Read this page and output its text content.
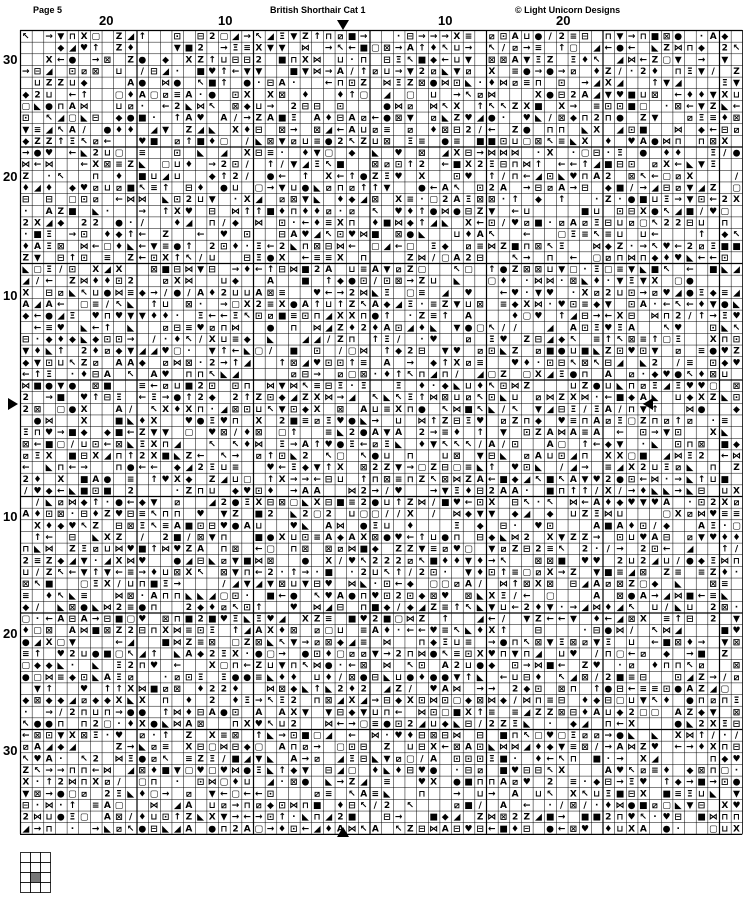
Page 5	British Shorthair Cat 1	© Light Unicorn Designs
20	10	10	20
30
20
10
10
20
30
↖ → ▼ ⊓ X ▢ Z ◢ ↑	⊡ ⊟ 2 ▢ ◢ → ↖ ◢ Ξ ▼ Z ↑ ⊓ ⧄ ■ →	· ⊟ → → → X ≡ ⧄ ⊡ Α ⊔ ● / 2 ≡ ⊟ ⊓ ▼ → ⊓ ■ ⊠ ● · Α ◆
◆ ◢ ♥ ↑ Z ♦	▼ ■ 2 → Ξ ≡ X ▼ ▼ ⋈ → ↖ ← ■ ▢ ⊠ → Α ↑ ♦ ↖ ⊔ → ↖ / ⧄ → ≡ ↑ ▢ ◢ ← ● ← ◣ Z ⋈ ⊓ ◆ 2 ↖
X ← ● → ⊠ Z ● ◆ X Z ↑ ⊔ ⊟ ⊟ 2 ■ ⊓ X ⋈ ⊔ · ⊓ ⊟ Ξ ↖ ■ ◆ ← ⊔ ▼ ⊠ ⊠ Α ▼ Ξ Z Ξ ♦ ↖ ◢ ⋈ ← Z ▢ ▼ → ▼
→ ⊟ ◢ ⊡ ⧄ ⊠ ⊔ / ⊟ ◢ · ■ ♥ ↑ ← ▼ ▼	■ ▼ ⋈ → Α / ↑ ⧄ ⊔ → ▼ 2 ⧄ ◣ ▼ ⧄ X ≡ ● → ● → ⧄ ♦ Z / · 2 ♦ ⊓ Ξ ▼ / Z
⊔ Z Z ⊔ ◆	Α ● ⋈ ● ↖ ■ ↑ ● · ⊟ Α ·	← ⊓ ⊡ Z ⋈ Ξ Z ⊠ ● ⋈ ⊡ ◣ · ♦ ⋈ ⧄ ≡ ⊓ ⊡ → ◢ X ◢	↑ ▼ ◢	Ξ ▼
◆ 2 ⊔ ← ↑	▢ ♦ Α ▢ ⧄ ≡ Α · ● ⊡ X X ⊠ ♦	♦ ↑ ▢ ◢ ▢ ⊔ → ↖ ⧄ ⋈	X ● ⊟ 2 Α ◢ ▼ ♥ ■ ⊔ ⊠ ← ♦ ♦ ▼ X ⊔
▢ ◣ ● ⊓ Α ⋈	⊔ ⧄ · ← 2 ◣ ⋈ ↖ ⊠ ◆ ⊔ → 2 ⊟ ⊟ ⊡	● ⋈ ⧄ ⋈ ↖ X ↑ ↖ ↖ Z X ■ X → ≡ ⊡ ⊡ ■ ▢ · ⊠ ← ▼ Z ◣ ←
⊡ ↖ ◢ ▢ ◣ ⊟ ◆ ● ■ · ↑ Α ♥ Α / → Z Α ■ Ξ Α ♦ ⊟ Α ⧄ ← ● ⊠ ▼ ⧄ ◣ Z ♥ ◢ ● · ♥ ◣ / ⊠ ◆ ⊓ 2 ⊓ ● Z ▼	⧄ Ξ ≡ ♦ ⊠
▼ ≡ ◢ ↖ Α / ● ♦ ♦ ◢ ▼ Z ◢ ◣ X ♦ ⊟ ⊠ → ⊠ ◢ ← Α ⊔ ⧄ ≡ ⧄ ♦ ⊠ ⊟ 2 / ← Z ● ⊓ ⊓ ◣ X ◢ ⊡ ■	⋈ ◆ ← ⊟ ⧄
◆ Z Z ↑ Ξ ↖ ⧄ ←	♥ ■ ⧄ ↑ ■ ♦ ▢ / ◣ ⊠ ▼ ⧄ ⊔ ≡ ● 2 ↖ Z ⊔ ⊠ Ξ ≡ ● ≡ ■ ■ ⊡ ⊔ ▢ ⊠ ↖ ≡ ◣ X ♦ ♥ Α ● ⋈ ⊓ ⊓ ⊠ X
→ ● ♥ ← ◣ 2 ⊔ ▢ ≡	⊡ ◣ ◢ X ⊟ ≡ · ♦ ▼ ▢ ◆ ◣ ♥ ⊠ ◢ X ⊟ → ⋈ ⋈ ⋈ · X · ▢ ⊟ · Ξ ● ♦ ♦	Ξ / ●
⋈ ← ⋈	← X ⊠ ≡ Z ◣ ▢ ⊔ ♦ → 2 ⊡ / ↑ / ▼ ◢ Ξ ↖ ■	⊠ ⧄ ⊡ ↑ 2 ← ■ X 2 Ξ ⊟ ⊓ ⋈ ↑ ← ← ↑ ◢ ■ ⊟ ⊡ ⧄ X ← ◣ ▼ Ξ
Z · ↖	⊓ ♦ ■ ⊔ ◢ ⊔	◆ ↑ 2 / ● ← ↑ X ← ↑ ● Z Ξ ♥ X	⊡ ♥ ↑ / ⊓ ← ◢ ⊡ ◣ ♥ ⊓ Α 2 ⊠ ↖ ← ▢ ⧄ X	/
♦ ◢ ♦ ◆ ♥ ⧄ ⊔ ⧄ ■ ↖ ≡ ↑ ⊟ ♦ ● ⊔ ▢ → ▼ ⊔ ● ◣ ⧄ ⊓ ⧄ ↑ ↑ ▼	● ← Α ↖ ⊡ 2 Α → ⊟ ⧄ Α → ⊟ ◆ ■ / → ◢ ⊟ ⧄ ▼ ◢ Z ▢
⊟ ⊟ ▢ ⊡ ⧄ ← ⋈ ⋈ ◣ ⊡ 2 ⊔ ▼ · X ◢ ⧄ ⊠ ▼ ◣ ♦ ◆ ◢ ⊠ X ≡ · ▢ 2 Α Ξ ⊠ ⊠ · ↑ ◆ ↑	· Z · ● ■ ⊔ Ξ → ▼ ⊡ ← 2 X
· Α Z ■ ◣ ·	→ ↑ X ♥ ⊟ ⋈ ↑ ↑ ■ ♦ ⊓ ♦ ♦ ⧄ · ⧄ ↖ ♥ ♦ ↑ ● ⋈ ● ⊟ Z ▼ ← ⊔	■ ⊔ ⊡ ⊟ X ● ↖ ◢ ■ / ♥ ▢
2 X ◢ ◆ 2 2 ● · /	♦ ◢ ⊓ / ◆ ⋈ ⊡ · ← ♦ ≡ X ⊓ ♦ ■ ⋈ ◆ ↑ ◢ ◣ X ← ⊡ / ♥ ⧄ ■ · ⧄ Α ⧄ Ξ ⊟ ⊔ ⧄ ▢ ↖ 2 2 ⊟ ⊔ ⊓
· ■ Ξ → ⊡ ♦ ◆ ↑ ← Z	← ♥ ⊡	⊟ Α ♥ ◢ ↖ ⊡ ♥ ⋈ ■ ⊠ ● ◣	⊔ ♦ Α ↖	←	▢ Ξ ≡ ↖ ≡ ⊔ ⊔ ←	↑ ◆ ↖
♦ Α Ξ ⊠ ⋈ ← ▢ ♦ ◣ ← ▼ ≡ ● ↑ 2 ⊡ ♦ · Ξ ← 2 ◣ ⊓ ⊠ ⊟ ⋈ ← ▢ ◢ ← ▢ Ξ ◆ ⧄ ≡ ⋈ Z ■ ⊓ ⊠ ↖ Ξ	⋈ ◆ Z · → ↖ ♥ ← 2 ⧄ Ξ ■ ■
Z ▼ ⊟ ↑ ⊡ ≡ Z ← ⊡ X ↑ ↖ / ⊔	⊟ Ξ ● X ← ≡ ≡ X ⊓	Z ⋈ / ▢ Α 2 ⊟	↖ → ⊓ ← ▢ ⧄ ⊓ ⋈ ⊓ ◆ ♦ ♥ ◣ ← ← ⊡
◣ ▢ Ξ / ⊡ X ◢ X	⊠ ■ ⊟ ⋈ ▼ ⊟ → ♦ ← ↑ ⊟ ⋈ ■ 2 Α ⊔ ≡ Α ▼ ⧄ Z ▢	↖ ▢ ↑ ● Z ⊠ ⊠ ⊔ ▼ ▢ · Ξ ▢ ≡ ▼ ◣ ■ ↖ ← ■ ◣ ◢
◢ / ← Z ⋈ ♦ ♦ ⊡ 2	⧄ X ⋈	⊔ ◆	Α	■ ↑ ◆ ● ⊡ / ⊡ ⊠ → Z ⊔ ◣	▢ ♦ · ⋈ ⋈ · ⊠ ◣ ♦ · ▼ Ξ ▼ X ▢ ●
X ⊟ ⧄ ◣ ↖ ⊔ ● ⋈ ≡ ◆ → / ● / Α ♦ 2 ⊔ ⊔ Α ⊠ ≡	♥ ← → 2 ⋈ ◣ Ξ ▢ ≡ ◢ ♥	← ♥ · ▼ ♥ · X ⧄ 2 ⊔ ⊡ → ⧄ ♥ ◢ ● Ξ ◆ ≡ ◢
Α ◢ Α ← ▢ ≡ / ↖ ◣ ↑ ⊔ ⊠ · → ▢ X 2 ≡ X ● Α ↑ ⊔ ↑ Z ↖ Α ◆ ◢ Ξ · ≡ Z ▼ ⊔ ⊠ ≡ ◆ X ⋈ · ♥ ⊡ ≡ ◆ ▼ ⊡ Α · ← ↖ ← ♦ ▼ ● ◣
◆ ← ● ◢ Ξ ♥ ⊓ ♥ ▼ ▼ ♦ ♦ · Ξ ← ← Ξ ↖ ⊡ ⧄ ■ ≡ ⊡ ⊓ ◢ X X ⊓ ● ↑ · Z ≡ ↑ Α	♦ ▢ ♥ ↑ ◢ ⊟ → ← X ⊟ ⋈ ⊓ 2 / ↑ → Ξ ♥
← ≡ ♥ ◣ ← ↑ ◣	⧄ ⊟ ≡ ♥ ⧄ ⊓ ⋈	● ⊓ ⋈ ◢ Z ♦ 2 ♦ Α ⊡ ◢ ♦ ◣ ▼ ● ▢ ↖ / /	◢ Α ⊡ Ξ ♥ Ξ Α	↖ ♥	⊡ ◣ ↖
⊟ · ◆ ♦ ◆ ◣ ◆ ⊡ ⊡ → / · ♦ ↖ / X ⊔ ≡ ◆ ◣	◢ ◢ / Z ⊓ ↑ Ξ / · ♥	⧄ Ξ ♥ Z ⊟ ◢ ◆ ↖ ≡ ↑ ↖ ⊠ ≡ ↑ ▢ Ξ	X ⊓ ⊡
▼ ♦ ◣ ↑ 2 ♦ ⧄ ◆ ▼ ◢ ◢ ♥ ▢ · ▼ ↑ ← ◣ ▢ / ■ ⊡ / ▢ ⋈ ↑ ◆ 2 ⊟ ▼ ♥ ⧄ ⊡ ◣ Z ⧄ ■ ● ⊔ ■ ◣ Z ⊡ ♥ ⊡ ▼ ⧄ ≡ ● ♥ Z
◆ ▼ ⊡ ⊔ ↖ Z ⧄ Α Α ◆ ⧄ ⋈ ⊠ · 2 → ↑ ◢	↑ ⊠ ◢ ♥ ⊡ ⊡ ↑ ≡ Α → ◆ ↑ X ⧄ ≡	♥ ♦ · ⊡ ⊟ ↖ ⊠ ↖ ⊟ ◢ ◣ 2 / ≡ ⊡ ◆ ♥
← ↑ Ξ · ♦ ⊟ Α ↖ Α ♥ ⊓ ⊓ ↖ ◣ ◢	⧄ ⊟ → ⧄ ▢ ⊠ · ♦ ↑ ↖ ⊓ ◢ ⊓ / ◢ ▢ Z ▢ X ◢ Ξ ● ⊓ Α ⧄ · ◆ ♥ ● ↖ ♦ ⊠ ⊔
⋈ ■ ● ▼ ● ⊠ ■	≡ ← ⧄ ⊔ ■ 2 ⊡ ⊡ ⊓ ⋈ ▼ ⋈ ↖ ≡ ⊟ Ξ · Ξ	Ξ ♦ · ◆ ◣ ⊔ ♦ ↖ ⊡ ⋈ Z	⊔ Z ● ⊔ ◣ ⊓ ⧄ Ξ ◢ Ξ ♥ ♥ ▢ ⊠
2 → ■ ♥ ↑ ⊟ Ξ ← Ξ → ● ↑ 2 ◆ 2 ↑ Z ⊡ ◆ ◢ Z X ⋈ → ◢ ↖ ◣ ↖ Ξ ↑ ⋈ ⊠ ⊔ ⧄ ↖ ⊡ ◣ ⊔ ⧄ ⋈ Z X ⋈ · ← ■ ◆ Α ◣ ⊔ ◆ X Z ◣ ⊡
2 ⊠ ▢ ● X	Α / ↖ X ♦ X ⊓ · ◢ ⊠ ⊡ ⊔ ↖ ▼ ⊡ ◆ X ⊠ Α ⊔ ≡ X ⊓ ● ↖ ⋈ ■ ↖ ◣ / ↖ ▼ ◢ ⊟ Ξ / Ξ Α / ⊓ ▼ ↑	⋈ ●	◆
● ⋈	X	■ ◣ ♦ X	♥ ● Ξ ♥ ⊓ X 2 ■ ≡ ⧄ Ξ ♥ ● ◣ → ⊔ ⋈ ↑ Z ⊟ Ξ ♥ ⧄ Z ⊓ ◆ ♥ ≡ ⊓ Α ⧄ Ξ ▢ Z ⊓ ⧄ ↑ ⧄ · ≡
Ξ ⊓ ♥ → ■ ◆ ◆ ■ ← Z ▼ ▼ ▢ ♥ ⊠ / ♦ ⊠ ▢ ↑	≡ ◣ 2 ● Α ▼ Α 2 → ≡ ♦ ↑ ▼ ⊡ Z Α ⋈ Α ≡ Α ← ⊡ → ▼ ⊡	X ◣
⊠ ← ■ ▢ / ⊔ ⊡ ← ⊠ ◣ Ξ X ⊓ ◢	↖ ↖ ♦ ⋈ Ξ → Α ↑ ♥ ● Ξ ← ⧄ Ξ ◣ ♦ ▼ ↖ ↖ ↖ / Α / ⊡	Α ▢ ↑ ← ◆ ▼ · ◣ ⊡ ⊓ ⊠ ■ ◆
⧄ Ξ X ■ ⊟ X ◢ ⊓ ↑ 2 X ■ ◣ Z ← ↖ → ⧄ ↑ ⊡ ◣ 2 ↖ ▢ ↖ ● ⊔ ⊓	⊔ ⊠ ▼ ⊟ ◣ ⧄ Α ⊔ ⊡ ◢ ⊓ X X ▢ ■ ◢ ⋈ Ξ 2 ← ⋈
← ◣ ⊓ ← →	⊓ ● ← ← ◆ ◢ 2 Ξ ⊔ ≡	♥ ← Ξ ◆ ▼ ↑ X ⊠ 2 Z ▼ → ▢ Z ⊟ ▢ ≡ ◣ ↑ ♥ ⊡ ◣ / ◢ → ≡ ◢ X 2 ⊔ Ξ ⧄ ◣ ⊓ Z
2 ♦ X ■ Α ● ≡ ↑ ♥ X ◆ Z ◢ ⊔ ▢ ↑ X → → ← ⊟ ⊔ ↑ ⊓ ⊠ ≡ ⊓ Z ↖ ⊠ ⋈ Z Α ← ■ ◆ ◢ ↖ ■ ↖ Α ▼ ♥ 2 ● ⊡ ← ⋈ · → ◣ ↑ ⊔ ■
/ ♥ ◆ ← ◣ ■ ⊡ ■ 2	· Z ⊓ ⊔ ◆ ♥ ⊡ ♦ → Α Α	⋈ 2 → / ♥	→ ▼ Ξ ♦ ⊟ 2 Α Α · ■ ⊓ ↑ ↑ / X / → ♦ ◣ ◣ → ◣ ⊟ ⊔ X
/ ◣ ⧄ ⋈ ◆ ↑ · ● ← ◆ ▼ ⧄	◢ 2 ● Ξ X ⊟ ⊠ ▢ ◣ X ⊟ ■ ≡ 2 ● ⊔ ↑ Z ⋈ / ■ ♥ ← ⊡ X ⊟ ↖ · ↖ ⋈ ← Α ♦ ◆ ♥ ▼ ♥ Α · ⊡ 2 X ⧄
Α ♦ ⊡ ⊠ · ⊟ ♦ Z ♥ ⊟ ≡ ↖ ⊓ ⊓ ♥ ▼ Z ■ 2 ◣ 2 ▢ 2 ⊔ ▢ ▢ / / X / ⋈ ◆ ▼ ▼ ◆ ◢ ◆ ⊔ Z Ξ ⋈ ⊔	▢ X ⧄ ⋈ ♥ ≡ ≡
X ♦ ◆ ♥ ↖ Z ⊟ ⊠ Ξ ↖ ≡ Α ■ ⊡ ⊟ ♥ ● Α ⊔	♥ ◣ Α ⋈ ● Ξ ⊔ ♦	Ξ ◆ ⊟ · ♥ ⊡	Α ■ Α ♦ ⊡ / ◆	Α Ξ · ▢
↑ ← ⊟ ◣ X Z / 2 ■ / ⊠ ▼ ⊓	■ ● X ⊔ ⊡ ≡ Α ◆ Α X ⊠ ● ♥ ← ↑ ⊔ ● ⊓ ⊟ ◆ ◣ ⋈ 2 X ▼ Z Z → ⊡ ⊔ ♥ Α ⊟ ⧄ ▼ ♥ ♦ ♦
⊓ ◣ ⋈ Z Ξ ⧄ ⊔ ⋈ ♥ ■ ↑ ⋈ ♥ Z Α ⊓ ⊠ ← ▢ ⊓ ⊠ ⊠ ⧄ ⋈ ■ ◆ Z Z ▼ ≡ ⧄ ♥ ▢ ▼ ⧄ Z ⊟ 2 ≡ ↖ 2 · / → 2 ⊡ ← ◢	↑ /
2 ≡ Z ◆ ◢ ▼ · ◢ X ⋈ ♥	● ◢ ⊟ ◣ ⧄ ▼ ■ ⋈ ⊠	● X / ♥ ↖ 2 2 2 ⧄ ↖ ■ ♦ ♦ ▼ ♦ → ↖	⊠ ⊠ ■ ♥ ♥ 2 ⊔ 2 ◢ ⊔ / ● ◆ Ξ ⋈ ⊓
⊔ / Z ↖ ← ▼ ↑ ▼ ← ≡ → ♦ ⊔ ⊠ X ↖ ⊠ ▼ ⊓ ← 2 · ↑ → · ■ · 2 ⊔ ↖ ↑ / 2 ⊡ · ▼ ♦ ⊡ ↑ ≡ ▢ ⧄ X → Z ▼ ■ ≡ ◢ ⊠ Z ≡ ≡ Z ♦ ·
⊠ ↖ ■	▢ Ξ X / ⊔ ⊓ ■ Ξ →	/ ◢ ▼ ◢ ▼ ⊠ ⊔ ▼ ⊟ ♥ ⋈ ◣ · ⊡ ← ◆ ▢ ▢ ⧄ Α / ⋈ ↑ ⊠ X ⊠ ⊟ ◢ Α ⧄ ⊠ Z ▢ ◆ ◣	⊠ ≡
≡ ♦ ↖ ◣ ≡	⋈ ⊠ · Α ⊓ ⊓ ◣ ◣ ◢ ▢ ⊡ · ■ ← ● ↖ ♥ Α ● ⊓ ♥ ⊡ 2 ⊡ ◆ ⊠ ♥ ⊠ ◣ X Ξ / ← ▢	Α ⊠ ● Α → ◢ ⋈ ■ ← ≡ ◣
◆ / ◣ ⊠ ● ◣ ⋈ 2 ≡ ● ⊓	2 ◆ ♦ ⧄ ↖ ⊡ ↑	♥ ⋈ ◢ ⊟ ⊓ ■ ◆ / ◆ ◢ Z ≡ ↑ ↖ ◣ ▼ ⊔ ← 2 ♦ ▼ · → ◢ ⋈ ♦ ◢ ↖ ⊔ / ◣ ⊔ 2 ⊠ ·
▢ · ← Α ⊟ Α → ⊟ ■ ▢ ♥ ⊠ ⊓ ■ 2 ■ ♥ Ξ ◣ Ξ ♥ ◢ X Z ≡ ■ ♥ 2 ■ ▢ ⋈ Z ↑	◢ ← / ▼ Z ← ← ▼ ♦ ← ◢ ⊠ X ≡ ↑ ⊟ 2 ▼
♦ ▢ ⊠ Α ⋈ ■ ⊠ Z 2 ⊟ ⊓ X ⋈ ≡ ⊡ Ξ ↑ ◢ Α X ♦ ⊠ ⧄ ▢ ⊔ ≡ Α ♦ · ← ← ♥ ≡ ↖ ◣ ♦ X ↑	⊟	· ⊟ ● ⋈ / ↖ ⋈ ◢	■ ♥
● ◢ X ▢ ▼	← ◢	■ ⋈ Z ≡ ⊠ ▢ Z ⊠ ◣ ↖ ▼ → ⧄ ⊠ ◆ ◢ ≡ ⋈	⊓ ◆ Ξ ⊔ ≡ → ● ⊓ ↖ ⊠ ▼ Ξ ⊠ ⧄ ▼ Ξ ⊔ ← ■ ⊠ ♦ → ▼ ⊠
≡ ↑ ♥ 2 ⊔ ● ■ ▢ ↖ ◢ ↑ ◣ Α ◆ 2 Ξ X · ● ▢ → ● ⊡ ♦ ▢ ⧄ ⧄ ▼ → 2 ⊓ ⋈ ● ↖ ≡ ⊡ X ♥ ⊓ ▼ ⊓ ◢ ⊔ ♥ / ⊓ ▢ ← ⧄ ◆ → ■ Z
▢ ◆ ◆ ◣ · ◣ Ξ 2 ⊓ ♥ ←	X ▢ ⊓ ← Z ⊔ ▼ ⊓ ↖ ⋈ ● · ← ⊠ ⋈ ↖ ⊡ Α 2 ⊔ ● ◆ ⊡ → ⋈ ■ ← Z ♥ · ⧄ ♦ ⊓ ⊓ ↖ ⧄	⊠
● ▢ ⋈ ≡ ◆ ⊡ ◣ Α Ξ ⧄	· ⧄ ⊡ Ξ Ξ ● ● ≡ ◣ ♦ ♦ ⊔ ♦ / ⊠ ● ⊟ ◣ ⊔ ● ♦ ● ● ▼ ↑ ◣ ← ⊔ ⊟ ♦ ↖ ◢ ⊠ / 2 ■ ≡ ⊟	⊡ ◢ Z → / ⧄
▼ ↑	♥ ↑ ↑ X ⋈ ■ ⧄ ⊠ ♦ 2 2 ♦	⋈ ⊠ ◆ ◣ ↑ ◣ 2 ♦ 2 ◢ Z / ♥ Α ⋈ → → 2 ◆ ⊡ ⊠ ⊓ ↑ ● ⊟ ← ≡ ≡ ⊡ ● Α Z ◢ ▢
◆ ⊠ ◆ ◆ ◢ ⧄ ◆ ◆ X ◣ X ⊓ ♦ 2 ♦ Ξ → ↖ Ξ 2 ⊓ ⊠ ◢ X ◢ → ⊟ ◆ X ⊡ ⋈ ⊡ ▢ ◆ ⊠ ⋈ ◆ / ⋈ ⊓ ≡ ⊟ ♦ ◆ ⊟ ▢ ⊔ ▼ ↖ ♦ ● ⊓ ⧄ ⊓ Ξ
· → / 2 ⊓ ⊔ ⊓ → ● ● ↑ ⋈ ♦ ⊟ Α ● ⊡ Α Α X ▼ ▼ ⊟ ◆ ▼ ⊔ ⊓ ← ⋈ ⊡ ▢ ■ X ↑ ≡ ≡ ◢ Z Z ⊠ ⊟ ♦ Α ⊔ ◆ 2 ▢ ▢ Α Z ◆ ▼ ⊠
↖ ● ● ⊓ ⊓ 2 ▢ · ♦ X ● ◣ ⋈ Α ⊠	⊓ X ♥ ↖ ⊔ 2	⋈ ← → ▢ ≡ ● ⊡ 2 ◢ ⊔ ◆ ◣ ⊟ / 2 Z Ξ ◣ · ◆ ◢ ⊓ ← X	● ◣ 2 X Ξ ⊟
← ⊠ ⊡ ▼ X ⊠ Ξ · ♥ ⧄ · ↑ Z X ≡ ⊠ ↑ ◣ → ⊡ ■ ▢ ◢ ← ⋈ · ♥ ♦ ⊟ ⊠ ⊟ ⋈ ⊟ ■ ⊓ ↖ ▢ ♥ ▢ Ξ ⧄ ⧄ → ● ◣ ◣ X ⋈ ↑ / · /
⧄ Α ◢ ◆ ◢	Z → ◣ ⧄ ≡ X ⊟ ▢ ⋈ ⊟ ◆ ▢ Α ⊓ ⧄ → ▢ ⊡ ⊟ Z ⊔ ⊟ X ← ⊠ Α ⊡ ◣ ⋈ ⋈ ◢ ♦ ◆ ▼ ≡ ⊠ / → Α ⋈ Z ♥ ← → ♦ X ⊓ ⊟
↖ ♥ Α · ↖ 2 ⋈ Ξ ● ⧄ ↖ ≡ Z Ξ / ■ ◢ ▼ ◣ Α → ⧄ ◢ Ξ ⊟ ◣ ▼ ⧄ ▢ / Α ⊡ ⊡ ⊡ Ξ ■ · ♦ ← ↖ ⊓ ■ · → X ◢	⊓ ◆ ♥
Z ↖ → → ⊓ ⊓ ← ⋈ ◢ ⊠ ♦ ■ ▼ ▢ ♥ ▢ ♥ ⋈ ● Ξ ◣ ↑ ◆ ▼ ⊟ ◢ ▢ ♦ ◣ ♦ ⊟ ♥ ● · ⊟ ⧄ ■ ♥ ⊟ ⊟ ↖ X	Α ♥ ↖ ⧄ ≡ ♦ ◆ ⊠ ⊓ ▢ ·
X · ↑ 2 ⋈ ⊓ X ⧄ / ▢ ⊓ · ⊡ ⋈ ▢ ♦ ⊔ ◢ · ⊠ ● ◣ → Z ◢ ≡	♥ X ● ■ ⊓ ⊓ Α ⧄ ♥ 2 ≡ · ◆ ⊟ → Ξ ♥ ↑ ◆ → ■ → ⊡ ●
▼ ⊠ → ● ▢ ⧄ 2 Ξ ◣ ♦ ▢ → ⧄ ▼ ← ▢ ← ← ⊡	⧄ ≡ ↖ Α ≡ ◣	⊓	→ ⊔ → Α ⊔ ↖ X ↖ ⊔ Ξ ■ ⊟ X ■ ≡ Ξ ⊔ ◣ ▼
⊟ · ⋈ · ↑ ≡ Α ▢	⋈ ◢ Α ⊔ ⧄ → ⊓ ⧄ ◆ ⊡ ⋈ ⊓ ■ ♦ ⊟ ↖ / 2 ↖	⧄ ■ / Α ← · / ⊠ / · ♦ ⋈ ● ■ ⧄ ▢ ◣ ▼ ⊟ X ♥
2 ⋈ ⊔ ● Ξ ▢ Α ⊠ / ♦ ⊔ ⊡ ↑ Z ◣ X ▼ → ← → ⊡ ↑ · ◣ ⊓ ◢ 2 ■	⊟ →	■ ◆ ◢ Z ⋈ ⊠ 2 Z ◢ ■ → ■ ■ 2 ⊓ ♥ ↖ · ♥ ⊟ ■ ⋈ ⊓ ⊓
◢ → ⊓ · → ◣ ⧄ ↖ ● ⊟ ◣ ◢ Α ● ⊓ 2 Α ▢ → ♦ ⊡ ← ◢ ♦ Α ⋈ ↖ Α ↖ Z ⊟ ⋈ Α ⊟ ♥ ⊟ ← ■ ♦ ⊟ ● ← ⊠ ♥ ♦ ⊔ X Α ● ·	▢ ⊔ X
